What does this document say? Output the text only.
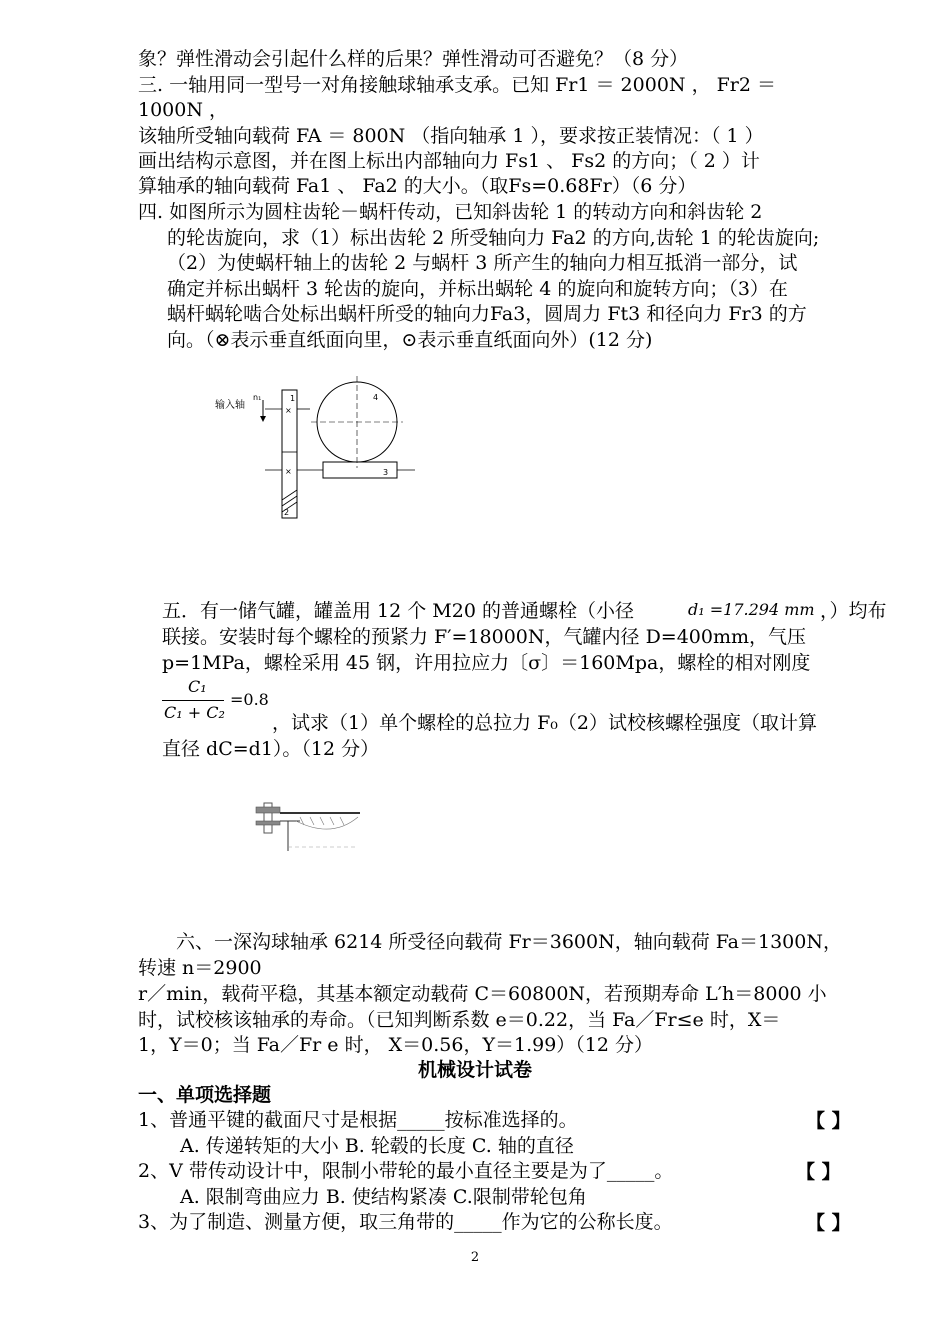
象？弹性滑动会引起什么样的后果？弹性滑动可否避免？（8 分）
三. 一轴用同一型号一对角接触球轴承支承。已知 Fr1 ＝ 2000N ， Fr2 ＝
1000N ，
该轴所受轴向载荷 FA ＝ 800N （指向轴承 1 ），要求按正装情况：（ 1 ）
画出结构示意图，并在图上标出内部轴向力 Fs1 、 Fs2 的方向；（ 2 ）计
算轴承的轴向载荷 Fa1 、 Fa2 的大小。（取Fs=0.68Fr）（6 分）
四. 如图所示为圆柱齿轮－蜗杆传动，已知斜齿轮 1 的转动方向和斜齿轮 2
的轮齿旋向，求（1）标出齿轮 2 所受轴向力 Fa2 的方向,齿轮 1 的轮齿旋向;
（2）为使蜗杆轴上的齿轮 2 与蜗杆 3 所产生的轴向力相互抵消一部分，试
确定并标出蜗杆 3 轮齿的旋向，并标出蜗轮 4 的旋向和旋转方向；（3）在
蜗杆蜗轮啮合处标出蜗杆所受的轴向力Fa3，圆周力 Ft3 和径向力 Fr3 的方
向。（⊗表示垂直纸面向里，⊙表示垂直纸面向外）(12 分)
输入轴
n₁	1
×
×
2
4
3
五．有一储气罐，罐盖用 12 个 M20 的普通螺栓（小径	d₁ =17.294 mm ，）均布
联接。安装时每个螺栓的预紧力 F′=18000N，气罐内径 D=400mm，气压
p=1MPa，螺栓采用 45 钢，许用拉应力〔σ〕＝160Mpa，螺栓的相对刚度
C₁
C₁ + C₂
=0.8
，试求（1）单个螺栓的总拉力 F₀（2）试校核螺栓强度（取计算
直径 dC=d1）。（12 分）
六、一深沟球轴承 6214 所受径向载荷 Fr＝3600N，轴向载荷 Fa＝1300N，
转速 n＝2900
r／min，载荷平稳，其基本额定动载荷 C＝60800N，若预期寿命 L′h＝8000 小
时，试校核该轴承的寿命。（已知判断系数 e＝0.22，当 Fa／Fr≤e 时，X＝
1，Y＝0；当 Fa／Fr e 时， X＝0.56，Y＝1.99）（12 分）
机械设计试卷
一、单项选择题
1、普通平键的截面尺寸是根据_____按标准选择的。	【 】
A. 传递转矩的大小 B. 轮毂的长度 C. 轴的直径
2、V 带传动设计中，限制小带轮的最小直径主要是为了_____。	【 】
A. 限制弯曲应力 B. 使结构紧凑 C.限制带轮包角
3、为了制造、测量方便，取三角带的_____作为它的公称长度。	【 】
2
